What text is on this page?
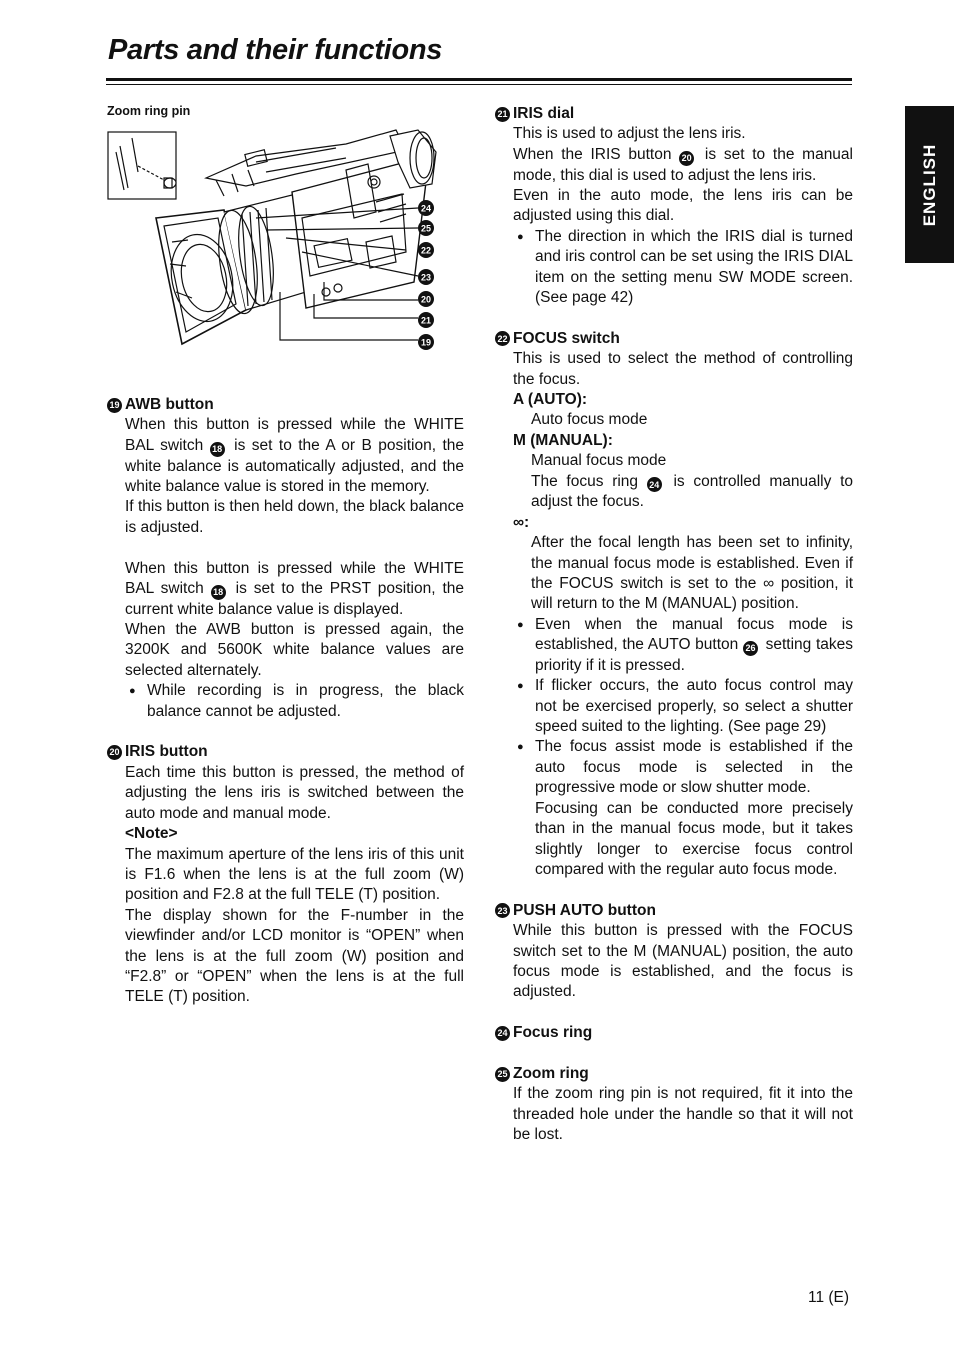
Parts and their functions
ENGLISH
Zoom ring pin
24
25
22
23
20
21
19
19 AWB button
When this button is pressed while the WHITE BAL switch 18 is set to the A or B position, the white balance is automatically adjusted, and the white balance value is stored in the memory.
If this button is then held down, the black balance is adjusted.
When this button is pressed while the WHITE BAL switch 18 is set to the PRST position, the current white balance value is displayed.
When the AWB button is pressed again, the 3200K and 5600K white balance values are selected alternately.
● While recording is in progress, the black balance cannot be adjusted.
20 IRIS button
Each time this button is pressed, the method of adjusting the lens iris is switched between the auto mode and manual mode.
<Note>
The maximum aperture of the lens iris of this unit is F1.6 when the lens is at the full zoom (W) position and F2.8 at the full TELE (T) position.
The display shown for the F-number in the viewfinder and/or LCD monitor is “OPEN” when the lens is at the full zoom (W) position and “F2.8” or “OPEN” when the lens is at the full TELE (T) position.
21 IRIS dial
This is used to adjust the lens iris.
When the IRIS button 20 is set to the manual mode, this dial is used to adjust the lens iris.
Even in the auto mode, the lens iris can be adjusted using this dial.
● The direction in which the IRIS dial is turned and iris control can be set using the IRIS DIAL item on the setting menu SW MODE screen. (See page 42)
22 FOCUS switch
This is used to select the method of controlling the focus.
A (AUTO):
Auto focus mode
M (MANUAL):
Manual focus mode
The focus ring 24 is controlled manually to adjust the focus.
∞:
After the focal length has been set to infinity, the manual focus mode is established. Even if the FOCUS switch is set to the ∞ position, it will return to the M (MANUAL) position.
● Even when the manual focus mode is established, the AUTO button 26 setting takes priority if it is pressed.
● If flicker occurs, the auto focus control may not be exercised properly, so select a shutter speed suited to the lighting. (See page 29)
● The focus assist mode is established if the auto focus mode is selected in the progressive mode or slow shutter mode.
Focusing can be conducted more precisely than in the manual focus mode, but it takes slightly longer to exercise focus control compared with the regular auto focus mode.
23 PUSH AUTO button
While this button is pressed with the FOCUS switch set to the M (MANUAL) position, the auto focus mode is established, and the focus is adjusted.
24 Focus ring
25 Zoom ring
If the zoom ring pin is not required, fit it into the threaded hole under the handle so that it will not be lost.
11 (E)
